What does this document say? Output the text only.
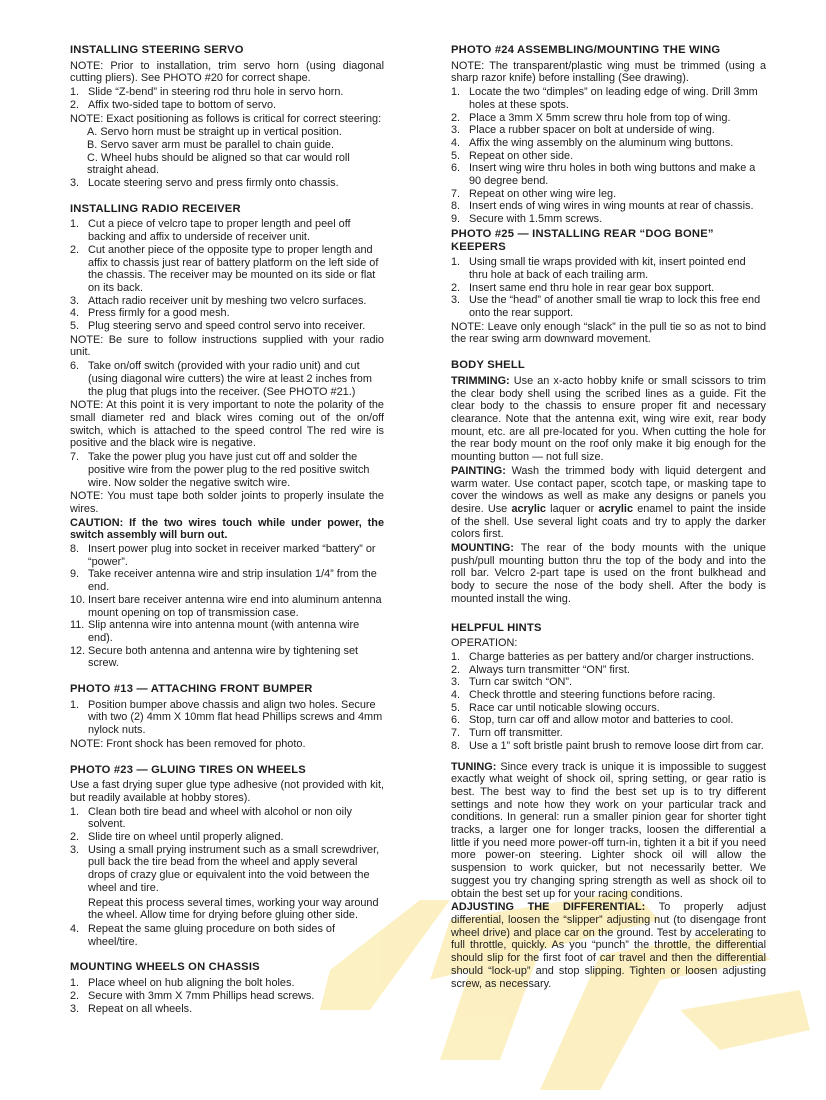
INSTALLING STEERING SERVO
NOTE: Prior to installation, trim servo horn (using diagonal cutting pliers). See PHOTO #20 for correct shape.
1. Slide “Z-bend” in steering rod thru hole in servo horn.
2. Affix two-sided tape to bottom of servo.
NOTE: Exact positioning as follows is critical for correct steering:
A. Servo horn must be straight up in vertical position.
B. Servo saver arm must be parallel to chain guide.
C. Wheel hubs should be aligned so that car would roll straight ahead.
3. Locate steering servo and press firmly onto chassis.
INSTALLING RADIO RECEIVER
1. Cut a piece of velcro tape to proper length and peel off backing and affix to underside of receiver unit.
2. Cut another piece of the opposite type to proper length and affix to chassis just rear of battery platform on the left side of the chassis. The receiver may be mounted on its side or flat on its back.
3. Attach radio receiver unit by meshing two velcro surfaces.
4. Press firmly for a good mesh.
5. Plug steering servo and speed control servo into receiver.
NOTE: Be sure to follow instructions supplied with your radio unit.
6. Take on/off switch (provided with your radio unit) and cut (using diagonal wire cutters) the wire at least 2 inches from the plug that plugs into the receiver. (See PHOTO #21.)
NOTE: At this point it is very important to note the polarity of the small diameter red and black wires coming out of the on/off switch, which is attached to the speed control The red wire is positive and the black wire is negative.
7. Take the power plug you have just cut off and solder the positive wire from the power plug to the red positive switch wire. Now solder the negative switch wire.
NOTE: You must tape both solder joints to properly insulate the wires.
CAUTION: If the two wires touch while under power, the switch assembly will burn out.
8. Insert power plug into socket in receiver marked “battery” or “power”.
9. Take receiver antenna wire and strip insulation 1/4” from the end.
10. Insert bare receiver antenna wire end into aluminum antenna mount opening on top of transmission case.
11. Slip antenna wire into antenna mount (with antenna wire end).
12. Secure both antenna and antenna wire by tightening set screw.
PHOTO #13 — ATTACHING FRONT BUMPER
1. Position bumper above chassis and align two holes. Secure with two (2) 4mm X 10mm flat head Phillips screws and 4mm nylock nuts.
NOTE: Front shock has been removed for photo.
PHOTO #23 — GLUING TIRES ON WHEELS
Use a fast drying super glue type adhesive (not provided with kit, but readily available at hobby stores).
1. Clean both tire bead and wheel with alcohol or non oily solvent.
2. Slide tire on wheel until properly aligned.
3. Using a small prying instrument such as a small screwdriver, pull back the tire bead from the wheel and apply several drops of crazy glue or equivalent into the void between the wheel and tire.
Repeat this process several times, working your way around the wheel. Allow time for drying before gluing other side.
4. Repeat the same gluing procedure on both sides of wheel/tire.
MOUNTING WHEELS ON CHASSIS
1. Place wheel on hub aligning the bolt holes.
2. Secure with 3mm X 7mm Phillips head screws.
3. Repeat on all wheels.
PHOTO #24 ASSEMBLING/MOUNTING THE WING
NOTE: The transparent/plastic wing must be trimmed (using a sharp razor knife) before installing (See drawing).
1. Locate the two “dimples” on leading edge of wing. Drill 3mm holes at these spots.
2. Place a 3mm X 5mm screw thru hole from top of wing.
3. Place a rubber spacer on bolt at underside of wing.
4. Affix the wing assembly on the aluminum wing buttons.
5. Repeat on other side.
6. Insert wing wire thru holes in both wing buttons and make a 90 degree bend.
7. Repeat on other wing wire leg.
8. Insert ends of wing wires in wing mounts at rear of chassis.
9. Secure with 1.5mm screws.
PHOTO #25 — INSTALLING REAR “DOG BONE” KEEPERS
1. Using small tie wraps provided with kit, insert pointed end thru hole at back of each trailing arm.
2. Insert same end thru hole in rear gear box support.
3. Use the “head” of another small tie wrap to lock this free end onto the rear support.
NOTE: Leave only enough “slack” in the pull tie so as not to bind the rear swing arm downward movement.
BODY SHELL
TRIMMING: Use an x-acto hobby knife or small scissors to trim the clear body shell using the scribed lines as a guide. Fit the clear body to the chassis to ensure proper fit and necessary clearance. Note that the antenna exit, wing wire exit, rear body mount, etc. are all pre-located for you. When cutting the hole for the rear body mount on the roof only make it big enough for the mounting button — not full size.
PAINTING: Wash the trimmed body with liquid detergent and warm water. Use contact paper, scotch tape, or masking tape to cover the windows as well as make any designs or panels you desire. Use acrylic laquer or acrylic enamel to paint the inside of the shell. Use several light coats and try to apply the darker colors first.
MOUNTING: The rear of the body mounts with the unique push/pull mounting button thru the top of the body and into the roll bar. Velcro 2-part tape is used on the front bulkhead and body to secure the nose of the body shell. After the body is mounted install the wing.
HELPFUL HINTS
OPERATION:
1. Charge batteries as per battery and/or charger instructions.
2. Always turn transmitter “ON” first.
3. Turn car switch “ON”.
4. Check throttle and steering functions before racing.
5. Race car until noticable slowing occurs.
6. Stop, turn car off and allow motor and batteries to cool.
7. Turn off transmitter.
8. Use a 1” soft bristle paint brush to remove loose dirt from car.
TUNING: Since every track is unique it is impossible to suggest exactly what weight of shock oil, spring setting, or gear ratio is best. The best way to find the best set up is to try different settings and note how they work on your particular track and conditions. In general: run a smaller pinion gear for shorter tight tracks, a larger one for longer tracks, loosen the differential a little if you need more power-off turn-in, tighten it a bit if you need more power-on steering. Lighter shock oil will allow the suspension to work quicker, but not necessarily better. We suggest you try changing spring strength as well as shock oil to obtain the best set up for your racing conditions.
ADJUSTING THE DIFFERENTIAL: To properly adjust differential, loosen the “slipper” adjusting nut (to disengage front wheel drive) and place car on the ground. Test by accelerating to full throttle, quickly. As you “punch” the throttle, the differential should slip for the first foot of car travel and then the differential should “lock-up” and stop slipping. Tighten or loosen adjusting screw, as necessary.
